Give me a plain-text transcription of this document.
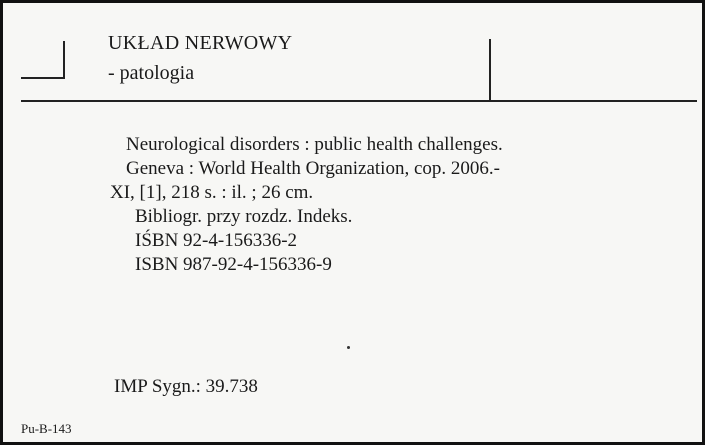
UKŁAD NERWOWY
- patologia
Neurological disorders : public health challenges.
Geneva : World Health Organization, cop. 2006.-
XI, [1], 218 s. : il. ; 26 cm.
Bibliogr. przy rozdz. Indeks.
IŚBN 92-4-156336-2
ISBN 987-92-4-156336-9
IMP Sygn.: 39.738
Pu-B-143
